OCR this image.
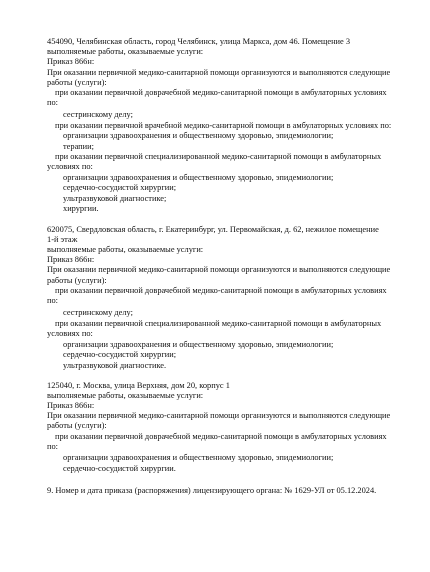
454090, Челябинская область, город Челябинск, улица Маркса, дом 46. Помещение 3
выполняемые работы, оказываемые услуги:
Приказ 866н:
При оказании первичной медико-санитарной помощи организуются и выполняются следующие
работы (услуги):
при оказании первичной доврачебной медико-санитарной помощи в амбулаторных условиях
по:
сестринскому делу;
при оказании первичной врачебной медико-санитарной помощи в амбулаторных условиях по:
организации здравоохранения и общественному здоровью, эпидемиологии;
терапии;
при оказании первичной специализированной медико-санитарной помощи в амбулаторных
условиях по:
организации здравоохранения и общественному здоровью, эпидемиологии;
сердечно-сосудистой хирургии;
ультразвуковой диагностике;
хирургии.
620075, Свердловская область, г. Екатеринбург, ул. Первомайская, д. 62, нежилое помещение
1-й этаж
выполняемые работы, оказываемые услуги:
Приказ 866н:
При оказании первичной медико-санитарной помощи организуются и выполняются следующие
работы (услуги):
при оказании первичной доврачебной медико-санитарной помощи в амбулаторных условиях
по:
сестринскому делу;
при оказании первичной специализированной медико-санитарной помощи в амбулаторных
условиях по:
организации здравоохранения и общественному здоровью, эпидемиологии;
сердечно-сосудистой хирургии;
ультразвуковой диагностике.
125040, г. Москва, улица Верхняя, дом 20, корпус 1
выполняемые работы, оказываемые услуги:
Приказ 866н:
При оказании первичной медико-санитарной помощи организуются и выполняются следующие
работы (услуги):
при оказании первичной доврачебной медико-санитарной помощи в амбулаторных условиях
по:
организации здравоохранения и общественному здоровью, эпидемиологии;
сердечно-сосудистой хирургии.
9. Номер и дата приказа (распоряжения) лицензирующего органа: № 1629-УЛ от 05.12.2024.
